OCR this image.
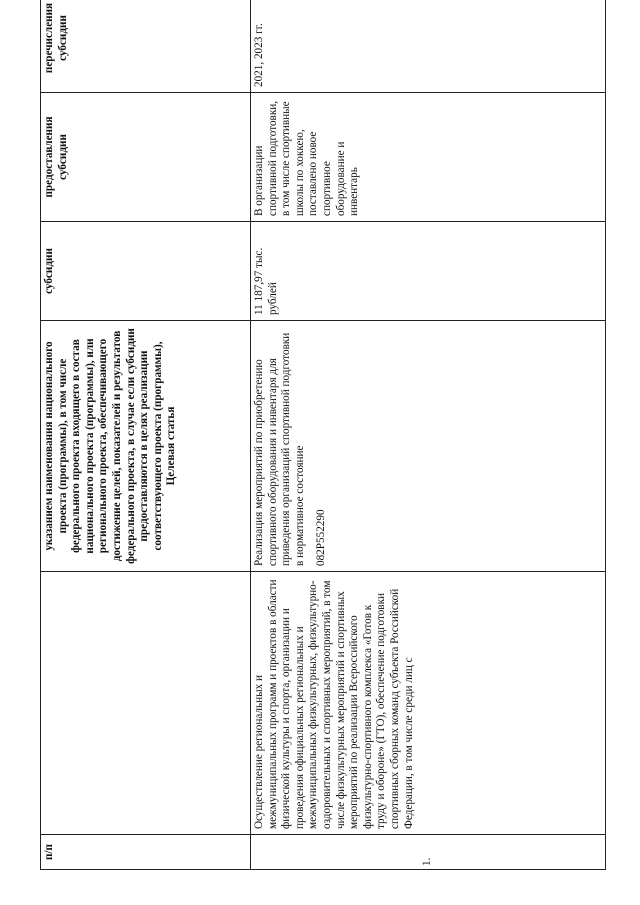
п/п		указанием наименования национального проекта (программы), в том числе федерального проекта входящего в состав национального проекта (программы), или регионального проекта, обеспечивающего достижение целей, показателей и результатов федерального проекта, в случае если субсидии предоставляются в целях реализации соответствующего проекта (программы), Целевая статья	субсидии	предоставления субсидии	перечисления субсидии
1.	Осуществление региональных и межмуниципальных программ и проектов в области физической культуры и спорта, организации и проведения официальных региональных и межмуниципальных физкультурных, физкультурно-оздоровительных и спортивных мероприятий, в том числе физкультурных мероприятий и спортивных мероприятий по реализации Всероссийского физкультурно-спортивного комплекса «Готов к труду и обороне» (ГТО), обеспечение подготовки спортивных сборных команд субъекта Российской Федерации, в том числе среди лиц с	Реализация мероприятий по приобретению спортивного оборудования и инвентаря для приведения организаций спортивной подготовки в нормативное состояние 082Р552290	11 187,97 тыс. рублей	В организации спортивной подготовки, в том числе спортивные школы по хоккею, поставлено новое спортивное оборудование и инвентарь	2021, 2023 гг.
